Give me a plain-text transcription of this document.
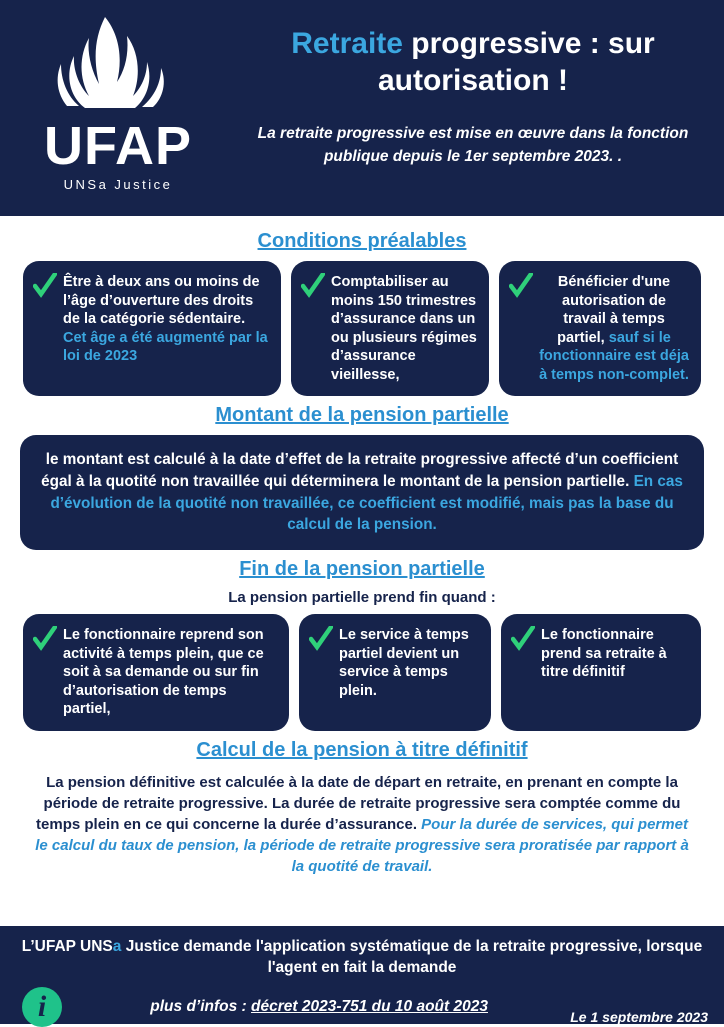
UFAP
UNSa Justice
Retraite progressive : sur autorisation !
La retraite progressive est mise en œuvre dans la fonction publique depuis le 1er septembre 2023. .
Conditions préalables
Être à deux ans ou moins de l’âge d’ouverture des droits de la catégorie sédentaire. Cet âge a été augmenté par la loi de 2023
Comptabiliser au moins 150 trimestres d’assurance dans un ou plusieurs régimes d’assurance vieillesse,
Bénéficier d'une autorisation de travail à temps partiel, sauf si le fonctionnaire est déja à temps non-complet.
Montant de la pension partielle
le montant est calculé à la date d’effet de la retraite progressive affecté d’un coefficient égal à la quotité non travaillée qui déterminera le montant de la pension partielle. En cas d’évolution de la quotité non travaillée, ce coefficient est modifié, mais pas la base du calcul de la pension.
Fin de la pension partielle
La pension partielle prend fin quand :
Le fonctionnaire reprend son activité à temps plein, que ce soit à sa demande ou sur fin d’autorisation de temps partiel,
Le service à temps partiel devient un service à temps plein.
Le fonctionnaire prend sa retraite à titre définitif
Calcul de la pension à titre définitif
La pension définitive est calculée à la date de départ en retraite, en prenant en compte la période de retraite progressive. La durée de retraite progressive sera comptée comme du temps plein en ce qui concerne la durée d’assurance. Pour la durée de services, qui permet le calcul du taux de pension, la période de retraite progressive sera proratisée par rapport à la quotité de travail.
L’UFAP UNSa Justice demande l'application systématique de la retraite progressive, lorsque l'agent en fait la demande
i	plus d’infos : décret 2023-751 du 10 août 2023
Le 1 septembre 2023
